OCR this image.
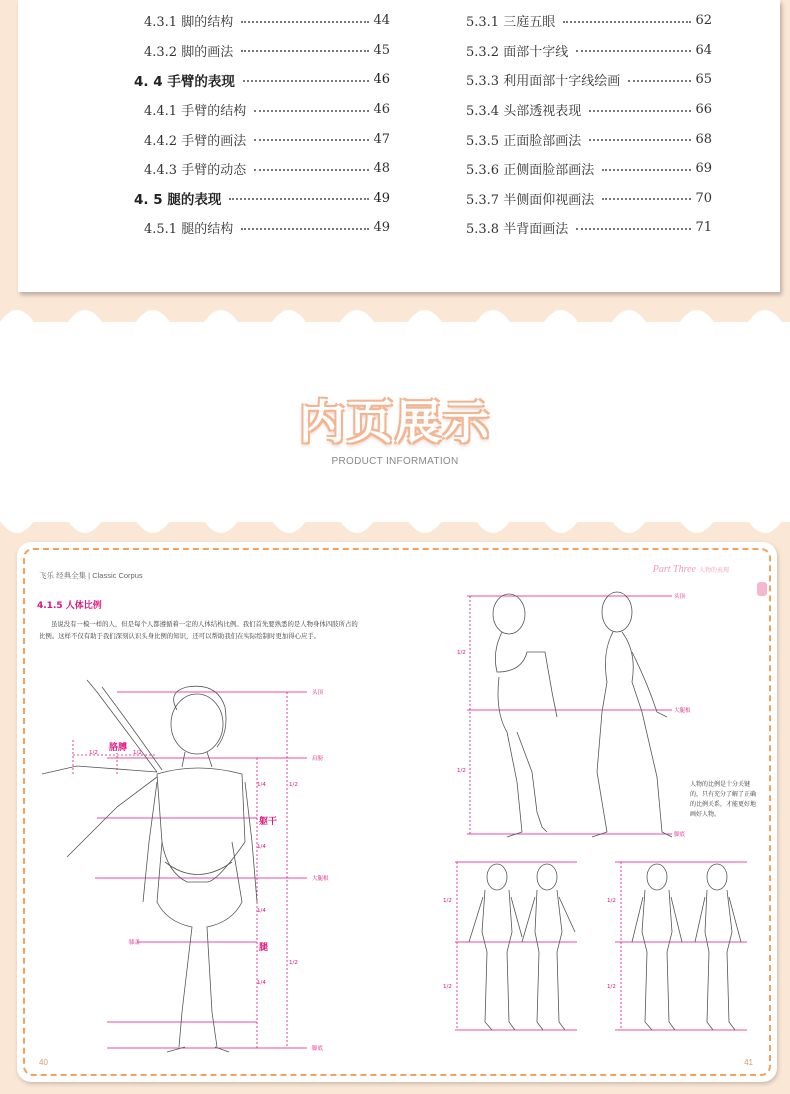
4.3.1 脚的结构	44
4.3.2 脚的画法	45
4. 4 手臂的表现	46
4.4.1 手臂的结构	46
4.4.2 手臂的画法	47
4.4.3 手臂的动态	48
4. 5 腿的表现	49
4.5.1 腿的结构	49
5.3.1 三庭五眼	62
5.3.2 面部十字线	64
5.3.3 利用面部十字线绘画	65
5.3.4 头部透视表现	66
5.3.5 正面脸部画法	68
5.3.6 正侧面脸部画法	69
5.3.7 半侧面仰视画法	70
5.3.8 半背面画法	71
内页展示
PRODUCT INFORMATION
飞乐 经典全集 | Classic Corpus
Part Three 人物的表现
4.1.5 人体比例
虽说没有一模一样的人，但是每个人都遵循着一定的人体结构比例。我们首先要熟悉的是人物身体四肢所占的比例。这样不仅有助于我们深刻认识头身比例的知识，还可以帮助我们在实际绘制时更加得心应手。
头顶
肩膀
大腿根
脚底
膝盖
胳膊
躯干
腿
1/2	1/2
1/2
1/2
1/4
1/4
1/4
1/4
头顶
大腿根
脚底
1/2
1/2
1/2
1/2
1/2
1/2
人物的比例是十分关键的，只有充分了解了正确的比例关系，才能更好地画好人物。
40	41
